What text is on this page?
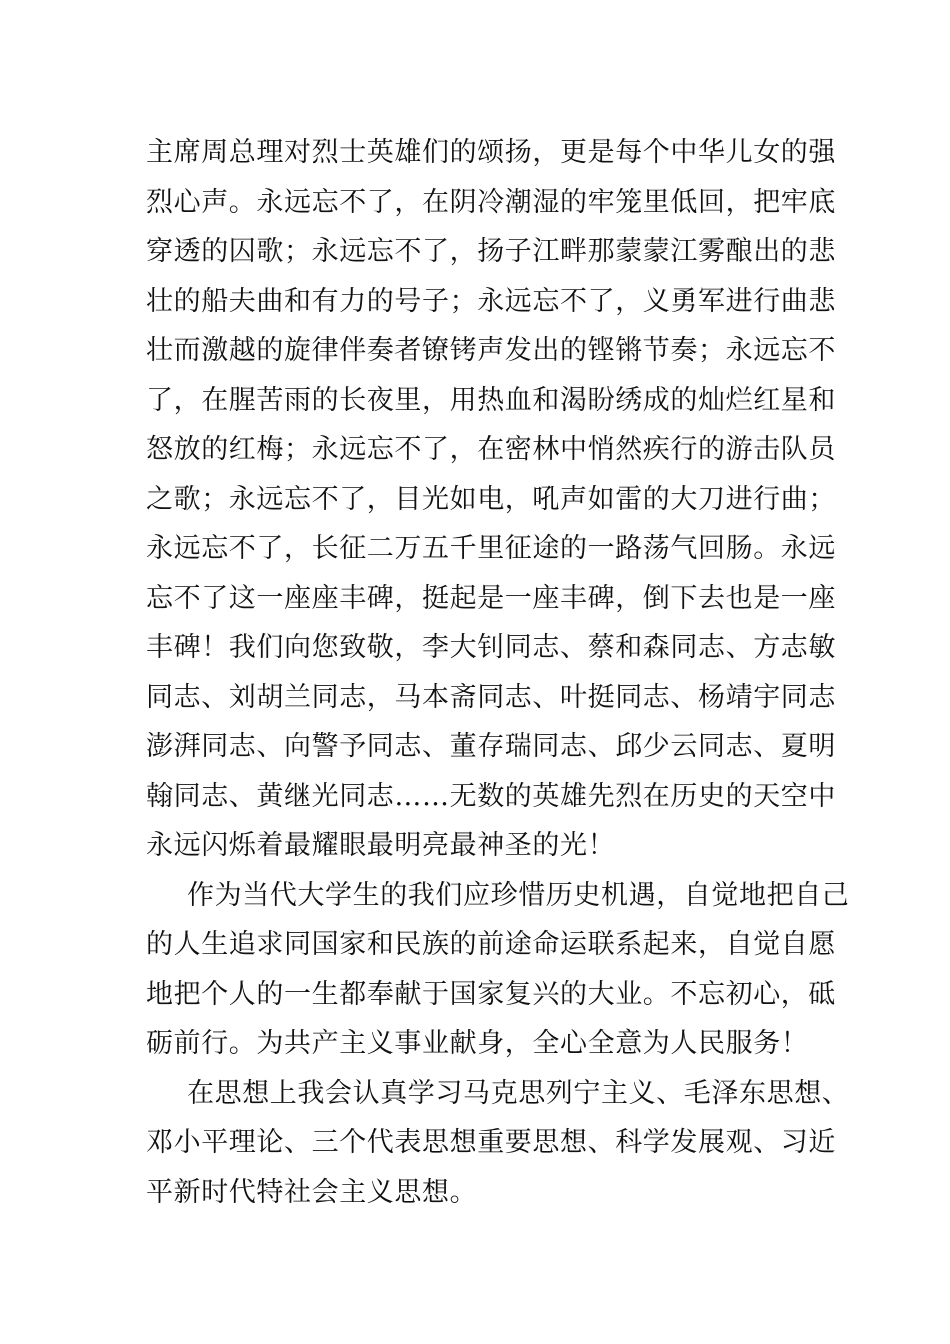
主席周总理对烈士英雄们的颂扬，更是每个中华儿女的强
烈心声。永远忘不了，在阴冷潮湿的牢笼里低回，把牢底
穿透的囚歌；永远忘不了，扬子江畔那蒙蒙江雾酿出的悲
壮的船夫曲和有力的号子；永远忘不了，义勇军进行曲悲
壮而激越的旋律伴奏者镣铐声发出的铿锵节奏；永远忘不
了，在腥苦雨的长夜里，用热血和渴盼绣成的灿烂红星和
怒放的红梅；永远忘不了，在密林中悄然疾行的游击队员
之歌；永远忘不了，目光如电，吼声如雷的大刀进行曲；
永远忘不了，长征二万五千里征途的一路荡气回肠。永远
忘不了这一座座丰碑，挺起是一座丰碑，倒下去也是一座
丰碑！我们向您致敬，李大钊同志、蔡和森同志、方志敏
同志、刘胡兰同志，马本斋同志、叶挺同志、杨靖宇同志
澎湃同志、向警予同志、董存瑞同志、邱少云同志、夏明
翰同志、黄继光同志……无数的英雄先烈在历史的天空中
永远闪烁着最耀眼最明亮最神圣的光！
作为当代大学生的我们应珍惜历史机遇，自觉地把自己
的人生追求同国家和民族的前途命运联系起来，自觉自愿
地把个人的一生都奉献于国家复兴的大业。不忘初心，砥
砺前行。为共产主义事业献身，全心全意为人民服务！
在思想上我会认真学习马克思列宁主义、毛泽东思想、
邓小平理论、三个代表思想重要思想、科学发展观、习近
平新时代特社会主义思想。
